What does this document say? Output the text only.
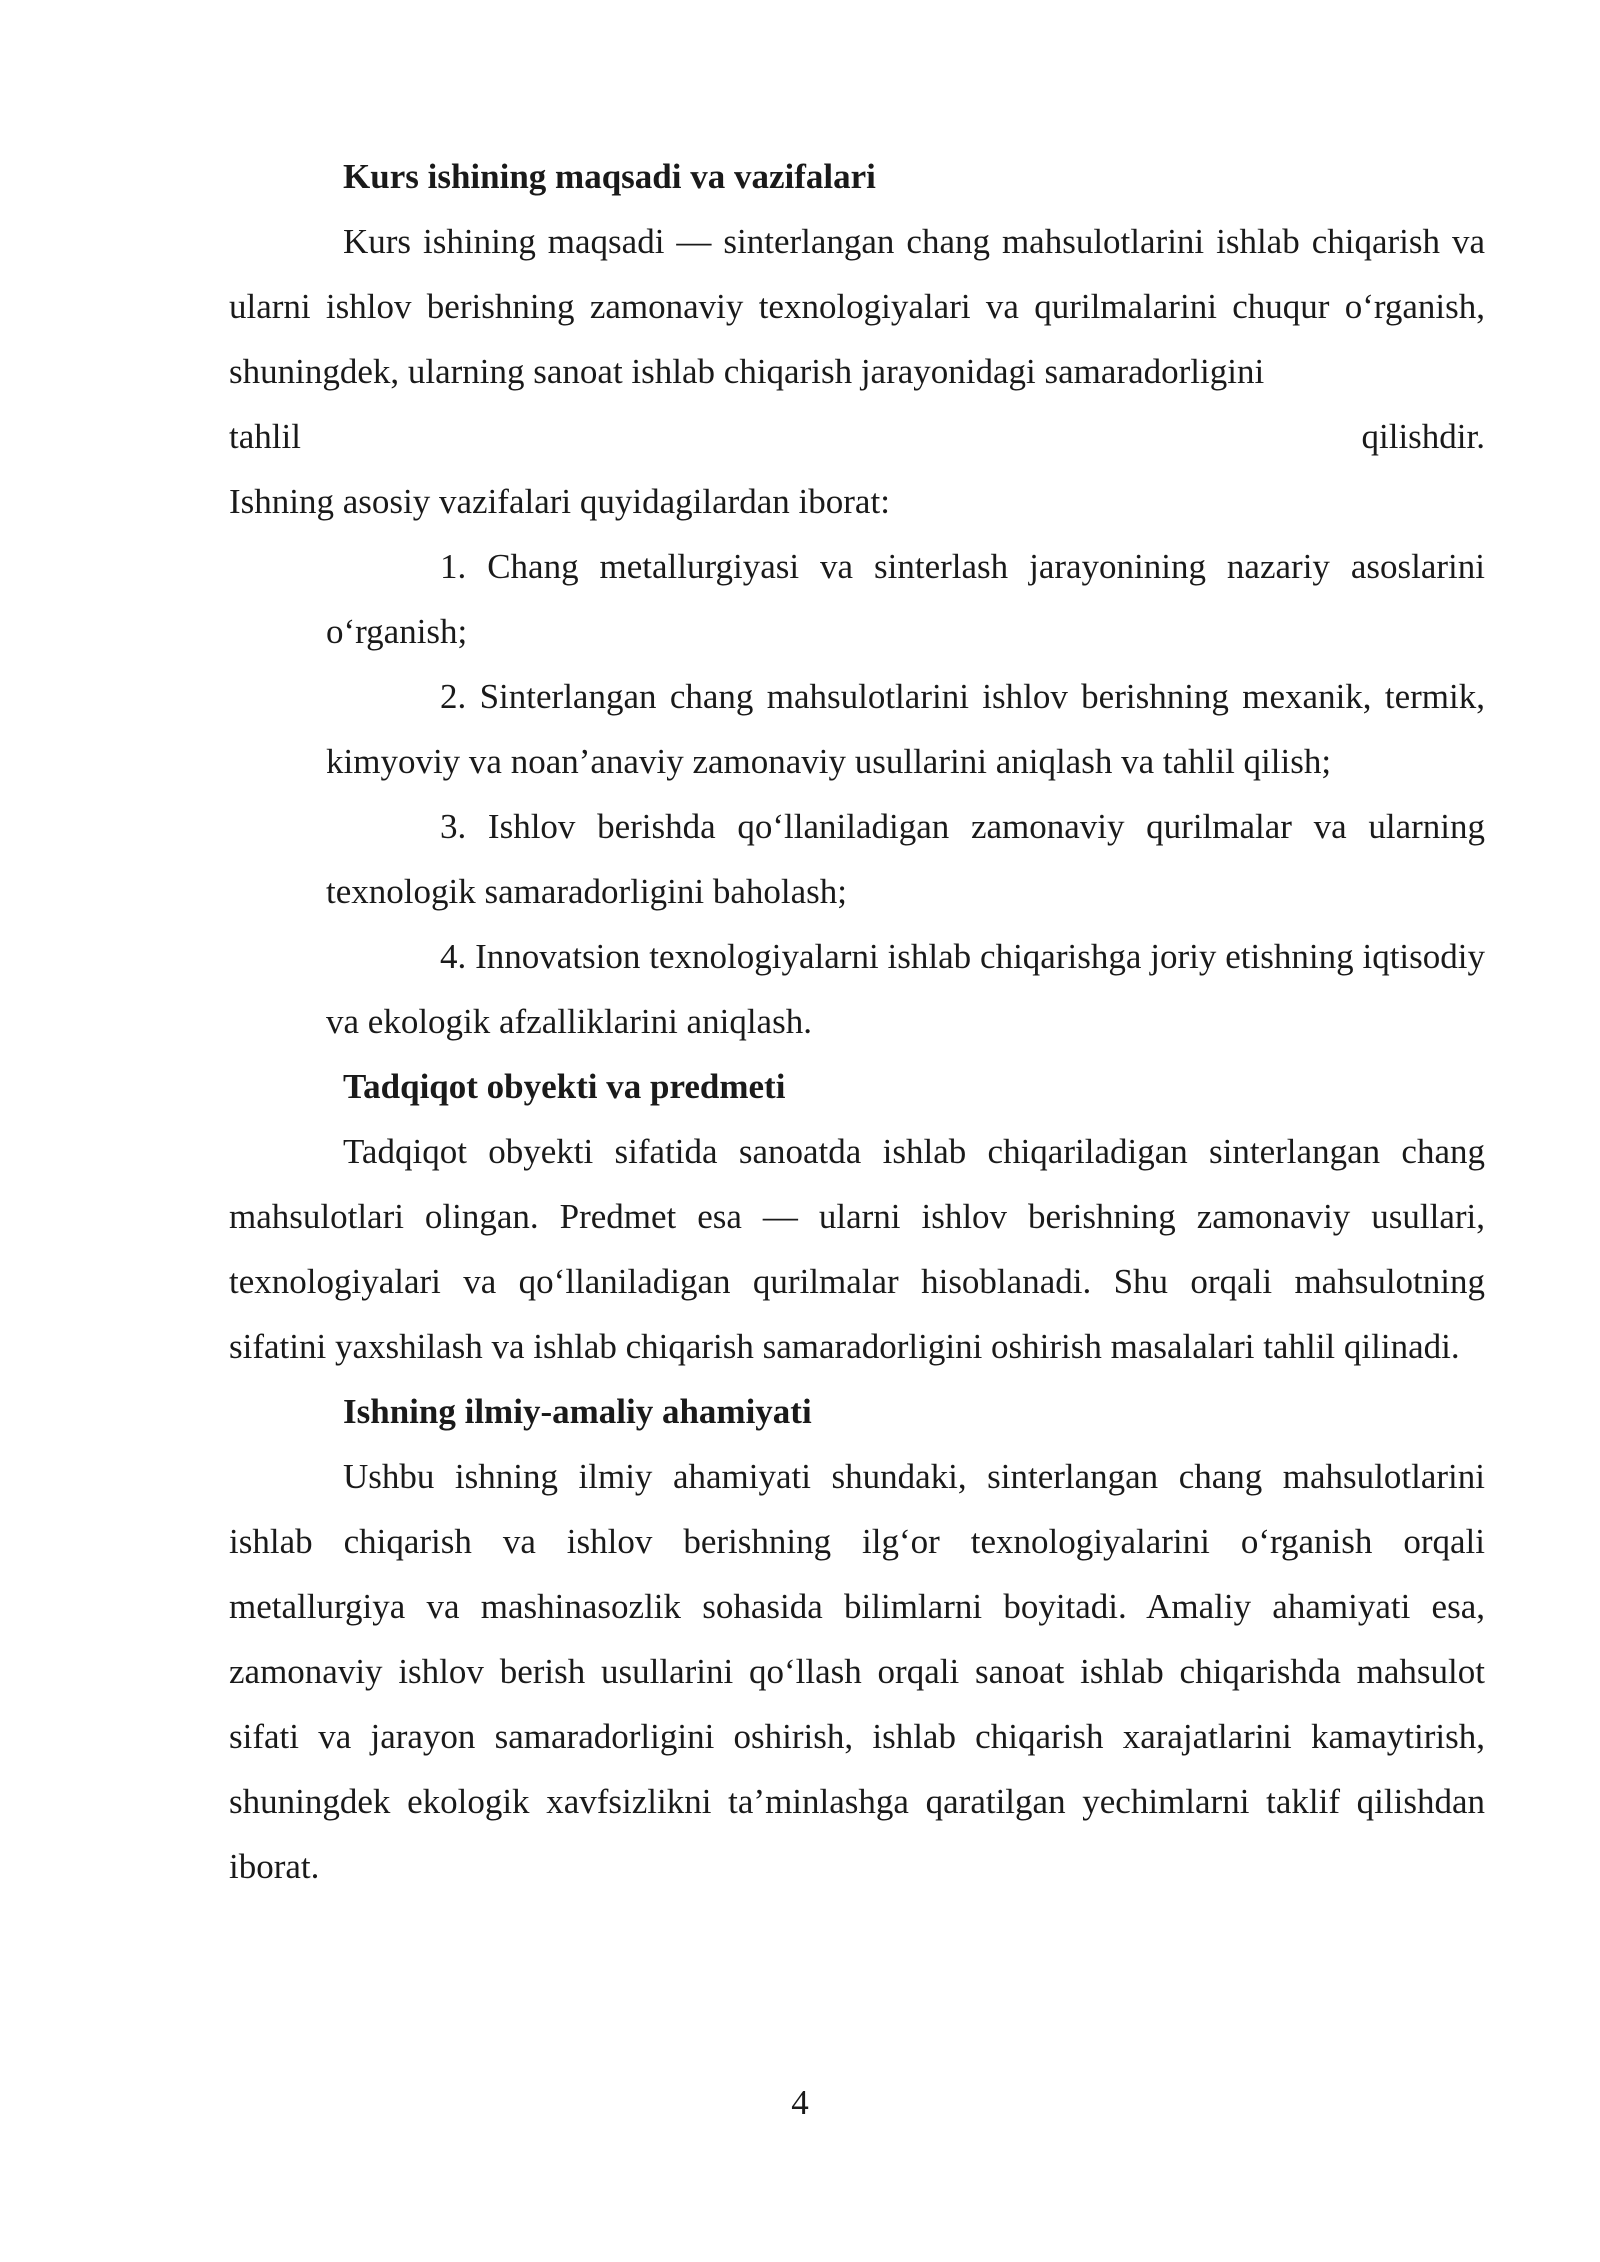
Kurs ishining maqsadi va vazifalari

Kurs ishining maqsadi — sinterlangan chang mahsulotlarini ishlab chiqarish va ularni ishlov berishning zamonaviy texnologiyalari va qurilmalarini chuqur o‘rganish, shuningdek, ularning sanoat ishlab chiqarish jarayonidagi samaradorligini

tahlil	qilishdir.

Ishning asosiy vazifalari quyidagilardan iborat:

1. Chang metallurgiyasi va sinterlash jarayonining nazariy asoslarini o‘rganish;

2. Sinterlangan chang mahsulotlarini ishlov berishning mexanik, termik, kimyoviy va noan’anaviy zamonaviy usullarini aniqlash va tahlil qilish;

3. Ishlov berishda qo‘llaniladigan zamonaviy qurilmalar va ularning texnologik samaradorligini baholash;

4. Innovatsion texnologiyalarni ishlab chiqarishga joriy etishning iqtisodiy va ekologik afzalliklarini aniqlash.

Tadqiqot obyekti va predmeti

Tadqiqot obyekti sifatida sanoatda ishlab chiqariladigan sinterlangan chang mahsulotlari olingan. Predmet esa — ularni ishlov berishning zamonaviy usullari, texnologiyalari va qo‘llaniladigan qurilmalar hisoblanadi. Shu orqali mahsulotning sifatini yaxshilash va ishlab chiqarish samaradorligini oshirish masalalari tahlil qilinadi.

Ishning ilmiy-amaliy ahamiyati

Ushbu ishning ilmiy ahamiyati shundaki, sinterlangan chang mahsulotlarini ishlab chiqarish va ishlov berishning ilg‘or texnologiyalarini o‘rganish orqali metallurgiya va mashinasozlik sohasida bilimlarni boyitadi. Amaliy ahamiyati esa, zamonaviy ishlov berish usullarini qo‘llash orqali sanoat ishlab chiqarishda mahsulot sifati va jarayon samaradorligini oshirish, ishlab chiqarish xarajatlarini kamaytirish, shuningdek ekologik xavfsizlikni ta’minlashga qaratilgan yechimlarni taklif qilishdan iborat.

4
